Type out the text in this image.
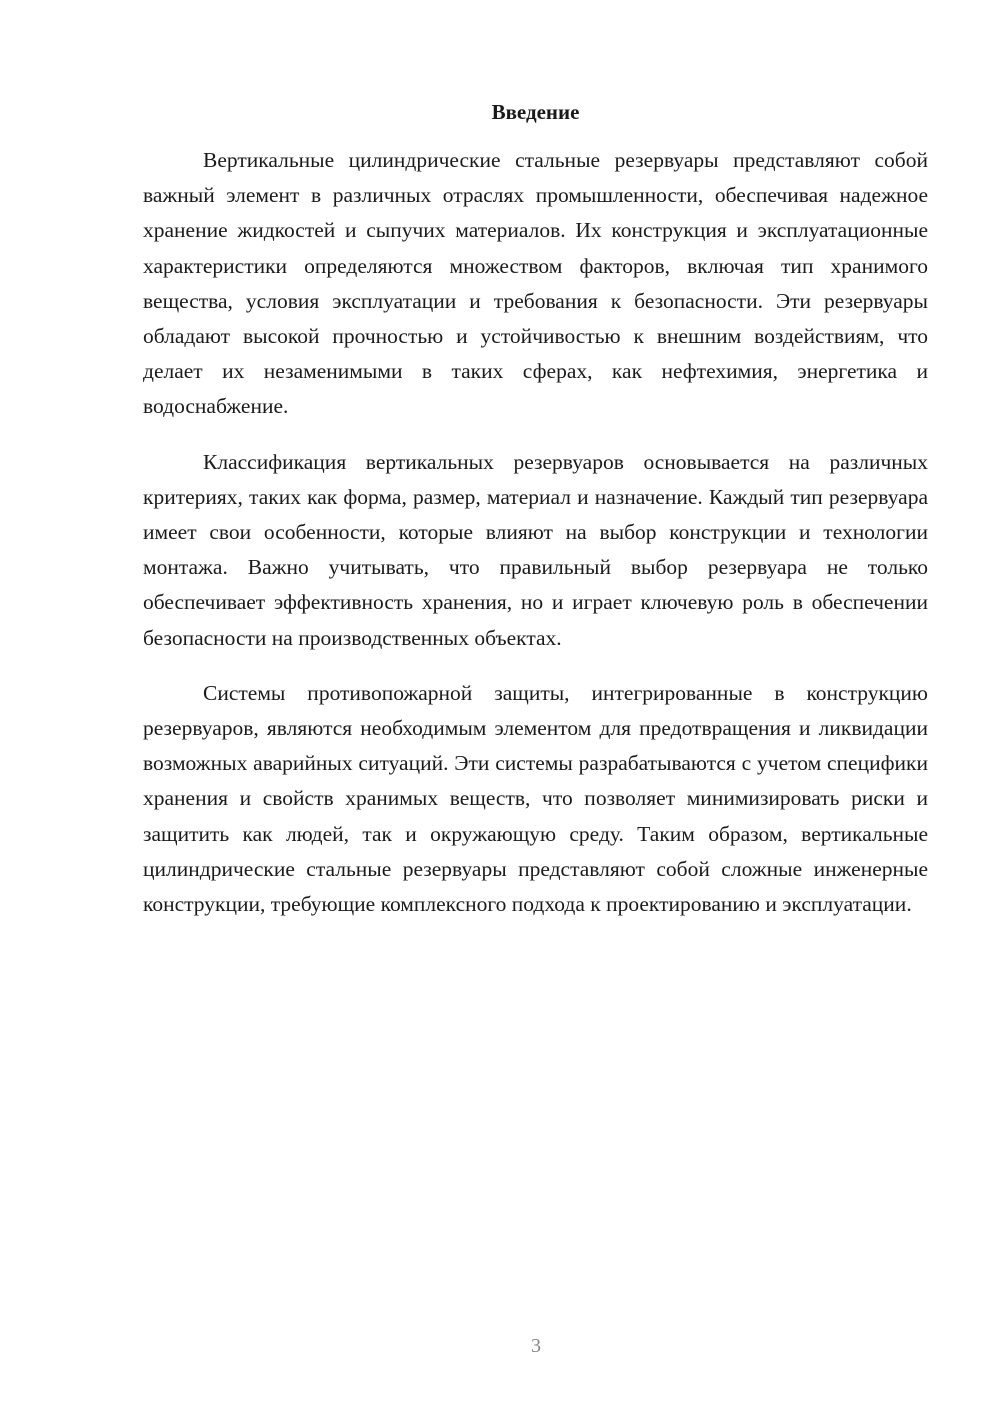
Введение

Вертикальные цилиндрические стальные резервуары представляют собой важный элемент в различных отраслях промышленности, обеспечивая надежное хранение жидкостей и сыпучих материалов. Их конструкция и эксплуатационные характеристики определяются множеством факторов, включая тип хранимого вещества, условия эксплуатации и требования к безопасности. Эти резервуары обладают высокой прочностью и устойчивостью к внешним воздействиям, что делает их незаменимыми в таких сферах, как нефтехимия, энергетика и водоснабжение.

Классификация вертикальных резервуаров основывается на различных критериях, таких как форма, размер, материал и назначение. Каждый тип резервуара имеет свои особенности, которые влияют на выбор конструкции и технологии монтажа. Важно учитывать, что правильный выбор резервуара не только обеспечивает эффективность хранения, но и играет ключевую роль в обеспечении безопасности на производственных объектах.

Системы противопожарной защиты, интегрированные в конструкцию резервуаров, являются необходимым элементом для предотвращения и ликвидации возможных аварийных ситуаций. Эти системы разрабатываются с учетом специфики хранения и свойств хранимых веществ, что позволяет минимизировать риски и защитить как людей, так и окружающую среду. Таким образом, вертикальные цилиндрические стальные резервуары представляют собой сложные инженерные конструкции, требующие комплексного подхода к проектированию и эксплуатации.

3
